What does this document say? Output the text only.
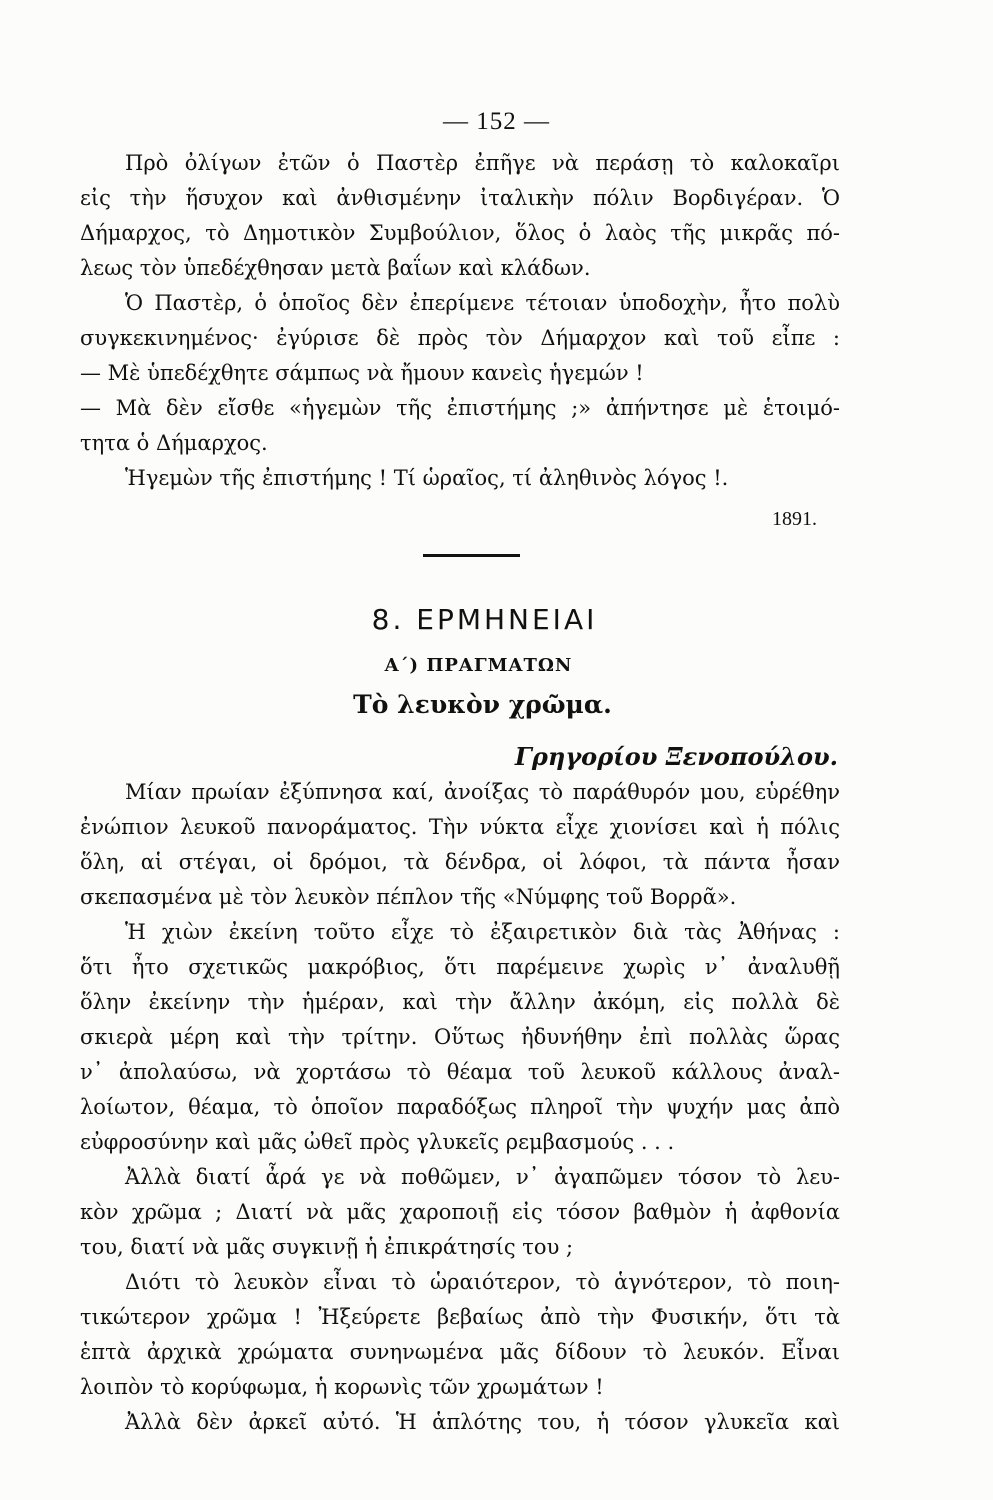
— 152 —
Πρὸ ὀλίγων ἐτῶν ὁ Παστὲρ ἐπῆγε νὰ περάσῃ τὸ καλοκαῖρι
εἰς τὴν ἥσυχον καὶ ἀνθισμένην ἰταλικὴν πόλιν Βορδιγέραν. Ὁ
Δήμαρχος, τὸ Δημοτικὸν Συμβούλιον, ὅλος ὁ λαὸς τῆς μικρᾶς πό-
λεως τὸν ὑπεδέχθησαν μετὰ βαΐων καὶ κλάδων.
Ὁ Παστὲρ, ὁ ὁποῖος δὲν ἐπερίμενε τέτοιαν ὑποδοχὴν, ἦτο πολὺ
συγκεκινημένος· ἐγύρισε δὲ πρὸς τὸν Δήμαρχον καὶ τοῦ εἶπε :
— Μὲ ὑπεδέχθητε σάμπως νὰ ἤμουν κανεὶς ἡγεμών !
— Μὰ δὲν εἴσθε «ἡγεμὼν τῆς ἐπιστήμης ;» ἀπήντησε μὲ ἑτοιμό-
τητα ὁ Δήμαρχος.
Ἡγεμὼν τῆς ἐπιστήμης ! Τί ὡραῖος, τί ἀληθινὸς λόγος !.
1891.
8. ΕΡΜΗΝΕΙΑΙ
Α΄) ΠΡΑΓΜΑΤΩΝ
Τὸ λευκὸν χρῶμα.
Γρηγορίου Ξενοπούλου.
Μίαν πρωίαν ἐξύπνησα καί, ἀνοίξας τὸ παράθυρόν μου, εὑρέθην
ἐνώπιον λευκοῦ πανοράματος. Τὴν νύκτα εἶχε χιονίσει καὶ ἡ πόλις
ὅλη, αἱ στέγαι, οἱ δρόμοι, τὰ δένδρα, οἱ λόφοι, τὰ πάντα ἦσαν
σκεπασμένα μὲ τὸν λευκὸν πέπλον τῆς «Νύμφης τοῦ Βορρᾶ».
Ἡ χιὼν ἐκείνη τοῦτο εἶχε τὸ ἐξαιρετικὸν διὰ τὰς Ἀθήνας :
ὅτι ἦτο σχετικῶς μακρόβιος, ὅτι παρέμεινε χωρὶς ν᾿ ἀναλυθῇ
ὅλην ἐκείνην τὴν ἡμέραν, καὶ τὴν ἄλλην ἀκόμη, εἰς πολλὰ δὲ
σκιερὰ μέρη καὶ τὴν τρίτην. Οὕτως ἠδυνήθην ἐπὶ πολλὰς ὥρας
ν᾿ ἀπολαύσω, νὰ χορτάσω τὸ θέαμα τοῦ λευκοῦ κάλλους ἀναλ-
λοίωτον, θέαμα, τὸ ὁποῖον παραδόξως πληροῖ τὴν ψυχήν μας ἀπὸ
εὐφροσύνην καὶ μᾶς ὠθεῖ πρὸς γλυκεῖς ρεμβασμούς . . .
Ἀλλὰ διατί ἆρά γε νὰ ποθῶμεν, ν᾿ ἀγαπῶμεν τόσον τὸ λευ-
κὸν χρῶμα ; Διατί νὰ μᾶς χαροποιῇ εἰς τόσον βαθμὸν ἡ ἀφθονία
του, διατί νὰ μᾶς συγκινῇ ἡ ἐπικράτησίς του ;
Διότι τὸ λευκὸν εἶναι τὸ ὡραιότερον, τὸ ἁγνότερον, τὸ ποιη-
τικώτερον χρῶμα ! Ἠξεύρετε βεβαίως ἀπὸ τὴν Φυσικήν, ὅτι τὰ
ἑπτὰ ἀρχικὰ χρώματα συνηνωμένα μᾶς δίδουν τὸ λευκόν. Εἶναι
λοιπὸν τὸ κορύφωμα, ἡ κορωνὶς τῶν χρωμάτων !
Ἀλλὰ δὲν ἀρκεῖ αὐτό. Ἡ ἁπλότης του, ἡ τόσον γλυκεῖα καὶ
